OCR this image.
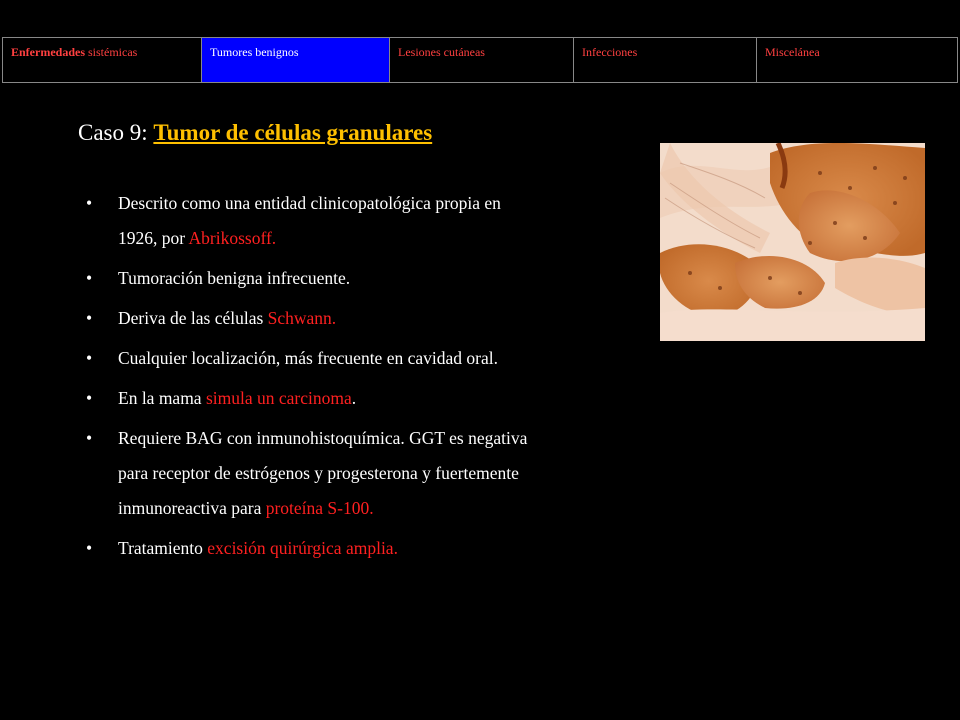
Enfermedades sistémicas	Tumores benignos	Lesiones cutáneas	Infecciones	Miscelánea
Caso 9: Tumor de células granulares
• Descrito como una entidad clinicopatológica propia en 1926, por Abrikossoff.
• Tumoración benigna infrecuente.
• Deriva de las células Schwann.
• Cualquier localización, más frecuente en cavidad oral.
• En la mama simula un carcinoma.
• Requiere BAG con inmunohistoquímica. GGT es negativa para receptor de estrógenos y progesterona y fuertemente inmunoreactiva para proteína S-100.
• Tratamiento excisión quirúrgica amplia.
